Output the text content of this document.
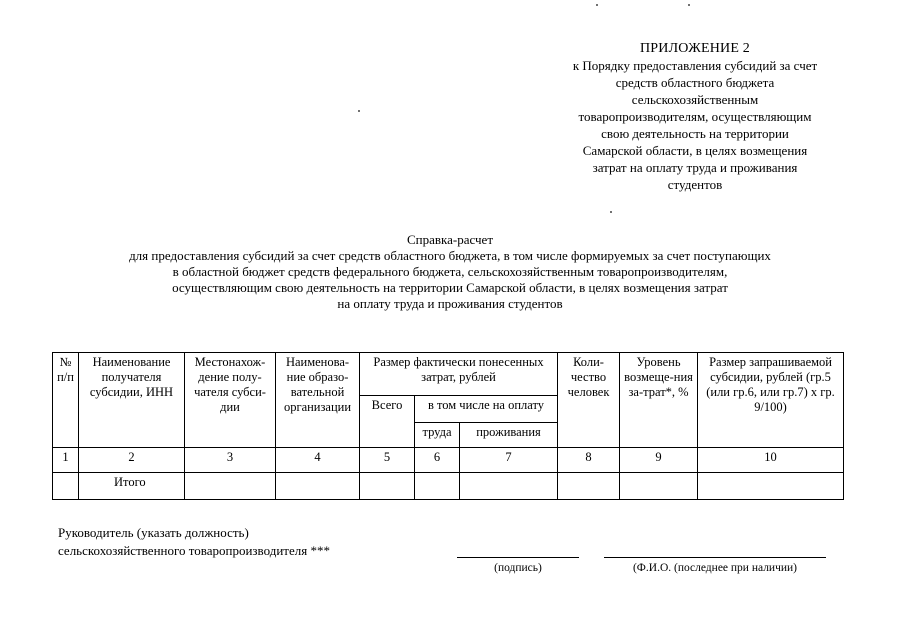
ПРИЛОЖЕНИЕ 2
к Порядку предоставления субсидий за счет
средств областного бюджета
сельскохозяйственным
товаропроизводителям, осуществляющим
свою деятельность на территории
Самарской области, в целях возмещения
затрат на оплату труда и проживания
студентов
Справка-расчет
для предоставления субсидий за счет средств областного бюджета, в том числе формируемых за счет поступающих
в областной бюджет средств федерального бюджета, сельскохозяйственным товаропроизводителям,
осуществляющим свою деятельность на территории Самарской области, в целях возмещения затрат
на оплату труда и проживания студентов
№ п/п	Наименование получателя субсидии, ИНН	Местонахож-дение полу-чателя субси-дии	Наименова-ние образо-вательной организации	Размер фактически понесенных затрат, рублей			Коли-чество человек	Уровень возмеще-ния за-трат*, %	Размер запрашиваемой субсидии, рублей (гр.5 (или гр.6, или гр.7) х гр. 9/100)
				Всего	в том числе на оплату				
					труда	проживания			
1	2	3	4	5	6	7	8	9	10
	Итого								
Руководитель (указать должность)
сельскохозяйственного товаропроизводителя ***
(подпись)	(Ф.И.О. (последнее при наличии)
